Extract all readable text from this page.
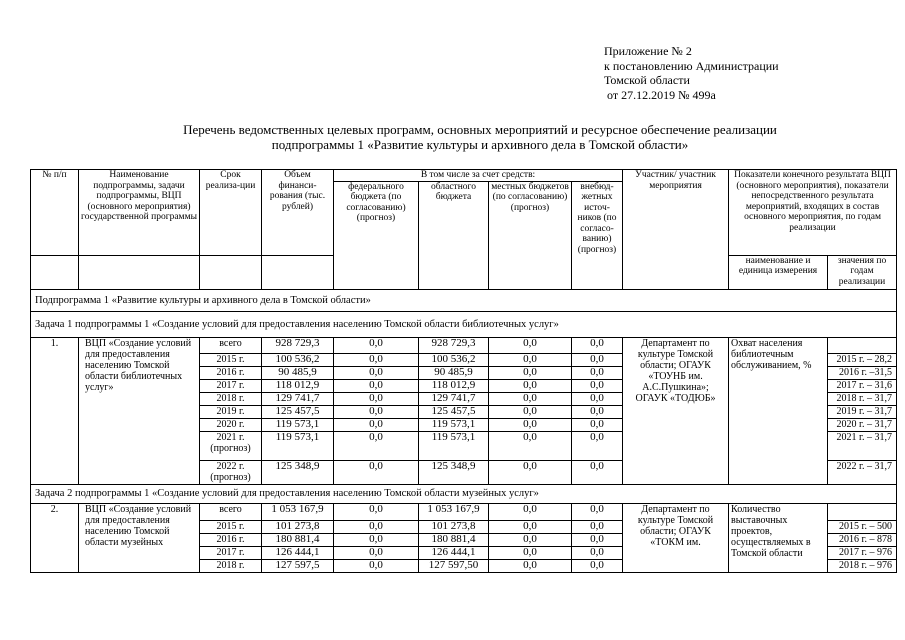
Приложение № 2
к постановлению Администрации
Томской области
от 27.12.2019 № 499а
Перечень ведомственных целевых программ, основных мероприятий и ресурсное обеспечение реализации
подпрограммы 1 «Развитие культуры и архивного дела в Томской области»
№ п/п	Наименование подпрограммы, задачи подпрограммы, ВЦП (основного мероприятия) государственной программы	Срок реализа-ции	Объем финанси-рования (тыс. рублей)	В том числе за счет средств:				Участник/ участник мероприятия	Показатели конечного результата ВЦП (основного мероприятия), показатели непосредственного результата мероприятий, входящих в состав основного мероприятия, по годам реализации	
				федерального бюджета (по согласованию) (прогноз)	областного бюджета	местных бюджетов (по согласованию) (прогноз)	внебюд-жетных источ-ников (по согласо-ванию) (прогноз)			
									наименование и единица измерения	значения по годам реализации
Подпрограмма 1 «Развитие культуры и архивного дела в Томской области»										
Задача 1 подпрограммы 1 «Создание условий для предоставления населению Томской области библиотечных услуг»										
1.	ВЦП «Создание условий для предоставления населению Томской области библиотечных услуг»	всего	928 729,3	0,0	928 729,3	0,0	0,0	Департамент по культуре Томской области; ОГАУК «ТОУНБ им. А.С.Пушкина»; ОГАУК «ТОДЮБ»	Охват населения библиотечным обслуживанием, %	
		2015 г.	100 536,2	0,0	100 536,2	0,0	0,0			2015 г. – 28,2
		2016 г.	90 485,9	0,0	90 485,9	0,0	0,0			2016 г. –31,5
		2017 г.	118 012,9	0,0	118 012,9	0,0	0,0			2017 г. – 31,6
		2018 г.	129 741,7	0,0	129 741,7	0,0	0,0			2018 г. – 31,7
		2019 г.	125 457,5	0,0	125 457,5	0,0	0,0			2019 г. – 31,7
		2020 г.	119 573,1	0,0	119 573,1	0,0	0,0			2020 г. – 31,7
		2021 г. (прогноз)	119 573,1	0,0	119 573,1	0,0	0,0			2021 г. – 31,7
		2022 г. (прогноз)	125 348,9	0,0	125 348,9	0,0	0,0			2022 г. – 31,7
Задача 2 подпрограммы 1 «Создание условий для предоставления населению Томской области музейных услуг»										
2.	ВЦП «Создание условий для предоставления населению Томской области музейных	всего	1 053 167,9	0,0	1 053 167,9	0,0	0,0	Департамент по культуре Томской области; ОГАУК «ТОКМ им.	Количество выставочных проектов, осуществляемых в Томской области	
		2015 г.	101 273,8	0,0	101 273,8	0,0	0,0			2015 г. – 500
		2016 г.	180 881,4	0,0	180 881,4	0,0	0,0			2016 г. – 878
		2017 г.	126 444,1	0,0	126 444,1	0,0	0,0			2017 г. – 976
		2018 г.	127 597,5	0,0	127 597,50	0,0	0,0			2018 г. – 976
